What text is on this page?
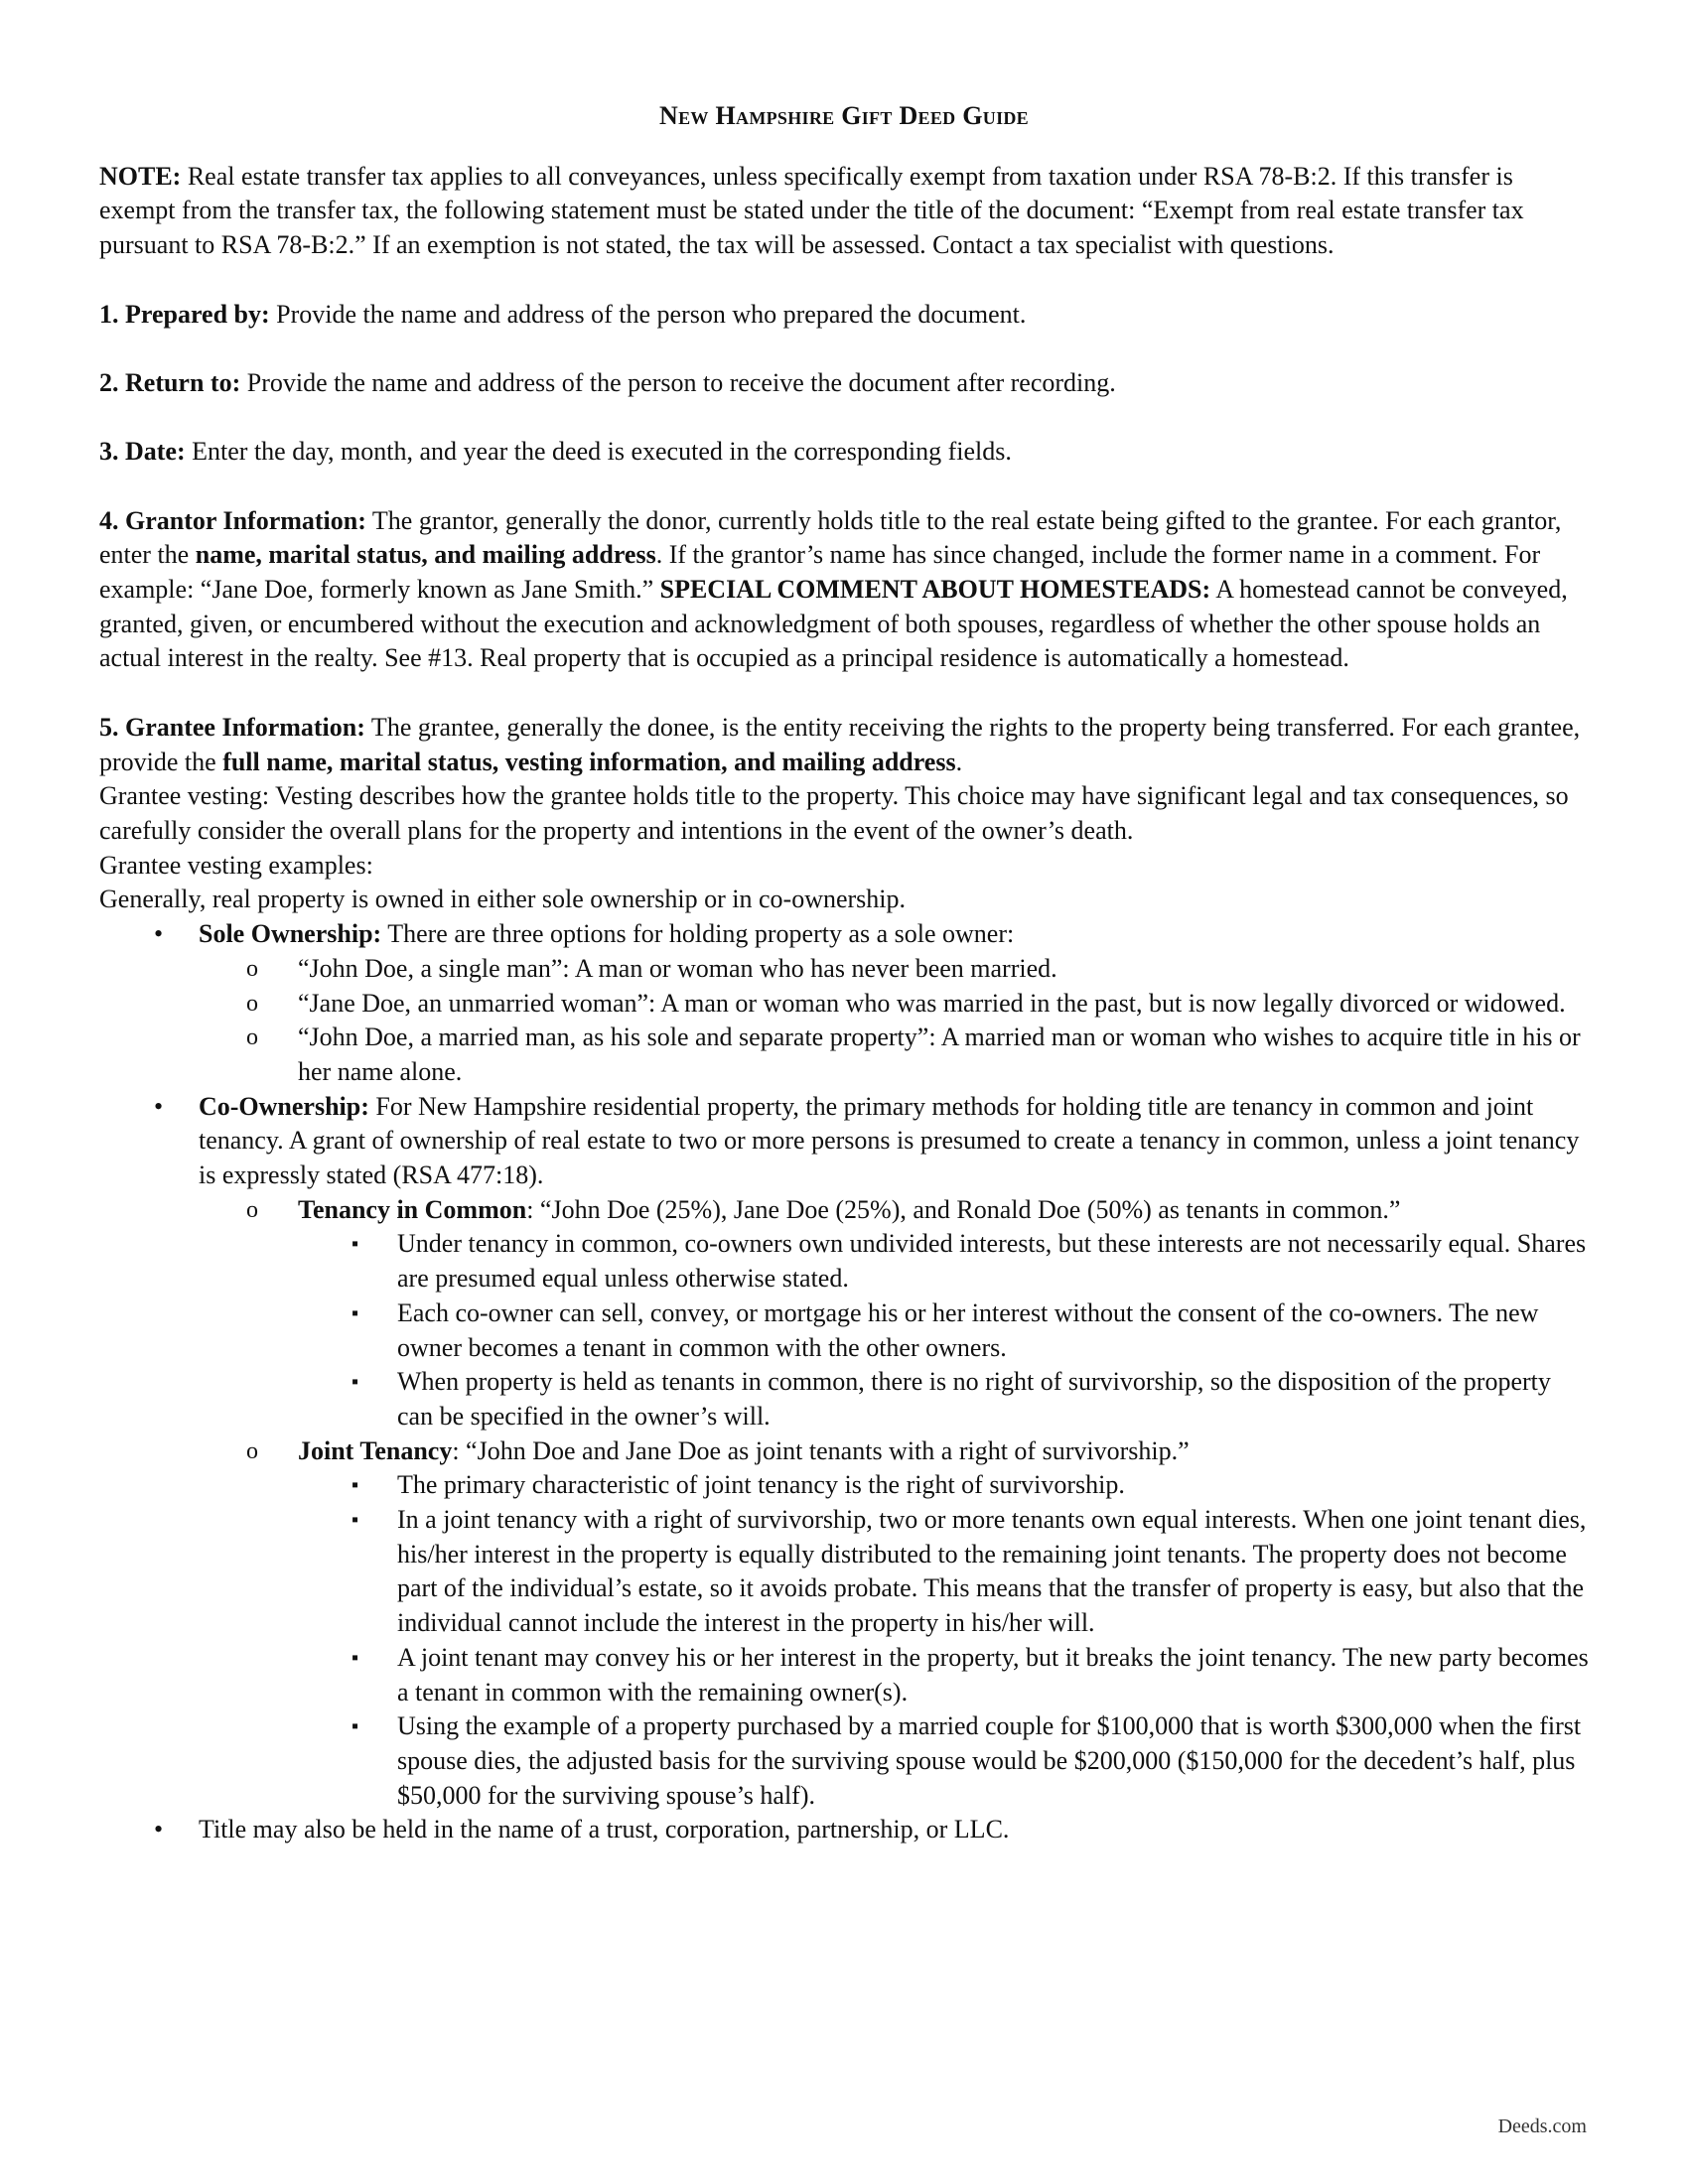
New Hampshire Gift Deed Guide

NOTE: Real estate transfer tax applies to all conveyances, unless specifically exempt from taxation under RSA 78-B:2. If this transfer is exempt from the transfer tax, the following statement must be stated under the title of the document: “Exempt from real estate transfer tax pursuant to RSA 78-B:2.” If an exemption is not stated, the tax will be assessed. Contact a tax specialist with questions.

1. Prepared by: Provide the name and address of the person who prepared the document.

2. Return to: Provide the name and address of the person to receive the document after recording.

3. Date: Enter the day, month, and year the deed is executed in the corresponding fields.

4. Grantor Information: The grantor, generally the donor, currently holds title to the real estate being gifted to the grantee. For each grantor, enter the name, marital status, and mailing address. If the grantor’s name has since changed, include the former name in a comment. For example: “Jane Doe, formerly known as Jane Smith.” SPECIAL COMMENT ABOUT HOMESTEADS: A homestead cannot be conveyed, granted, given, or encumbered without the execution and acknowledgment of both spouses, regardless of whether the other spouse holds an actual interest in the realty. See #13. Real property that is occupied as a principal residence is automatically a homestead.

5. Grantee Information: The grantee, generally the donee, is the entity receiving the rights to the property being transferred. For each grantee, provide the full name, marital status, vesting information, and mailing address.

Grantee vesting: Vesting describes how the grantee holds title to the property. This choice may have significant legal and tax consequences, so carefully consider the overall plans for the property and intentions in the event of the owner’s death.

Grantee vesting examples:

Generally, real property is owned in either sole ownership or in co-ownership.

• Sole Ownership: There are three options for holding property as a sole owner:
o “John Doe, a single man”: A man or woman who has never been married.
o “Jane Doe, an unmarried woman”: A man or woman who was married in the past, but is now legally divorced or widowed.
o “John Doe, a married man, as his sole and separate property”: A married man or woman who wishes to acquire title in his or her name alone.
• Co-Ownership: For New Hampshire residential property, the primary methods for holding title are tenancy in common and joint tenancy. A grant of ownership of real estate to two or more persons is presumed to create a tenancy in common, unless a joint tenancy is expressly stated (RSA 477:18).
o Tenancy in Common: “John Doe (25%), Jane Doe (25%), and Ronald Doe (50%) as tenants in common.”
▪ Under tenancy in common, co-owners own undivided interests, but these interests are not necessarily equal. Shares are presumed equal unless otherwise stated.
▪ Each co-owner can sell, convey, or mortgage his or her interest without the consent of the co-owners. The new owner becomes a tenant in common with the other owners.
▪ When property is held as tenants in common, there is no right of survivorship, so the disposition of the property can be specified in the owner’s will.
o Joint Tenancy: “John Doe and Jane Doe as joint tenants with a right of survivorship.”
▪ The primary characteristic of joint tenancy is the right of survivorship.
▪ In a joint tenancy with a right of survivorship, two or more tenants own equal interests. When one joint tenant dies, his/her interest in the property is equally distributed to the remaining joint tenants. The property does not become part of the individual’s estate, so it avoids probate. This means that the transfer of property is easy, but also that the individual cannot include the interest in the property in his/her will.
▪ A joint tenant may convey his or her interest in the property, but it breaks the joint tenancy. The new party becomes a tenant in common with the remaining owner(s).
▪ Using the example of a property purchased by a married couple for $100,000 that is worth $300,000 when the first spouse dies, the adjusted basis for the surviving spouse would be $200,000 ($150,000 for the decedent’s half, plus $50,000 for the surviving spouse’s half).
• Title may also be held in the name of a trust, corporation, partnership, or LLC.
Deeds.com
